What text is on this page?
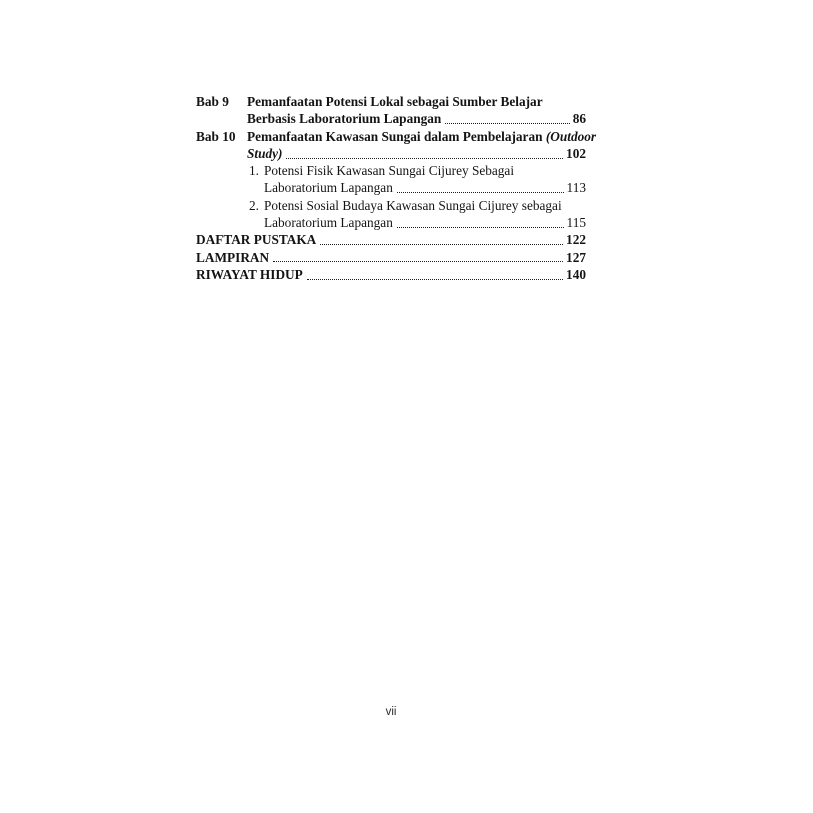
Bab 9	Pemanfaatan Potensi Lokal sebagai Sumber Belajar
Berbasis Laboratorium Lapangan	86
Bab 10 Pemanfaatan Kawasan Sungai dalam Pembelajaran (Outdoor
Study)	102
1. Potensi Fisik Kawasan Sungai Cijurey Sebagai
Laboratorium Lapangan	113
2. Potensi Sosial Budaya Kawasan Sungai Cijurey sebagai
Laboratorium Lapangan	115
DAFTAR PUSTAKA	122
LAMPIRAN	127
RIWAYAT HIDUP	140
vii
